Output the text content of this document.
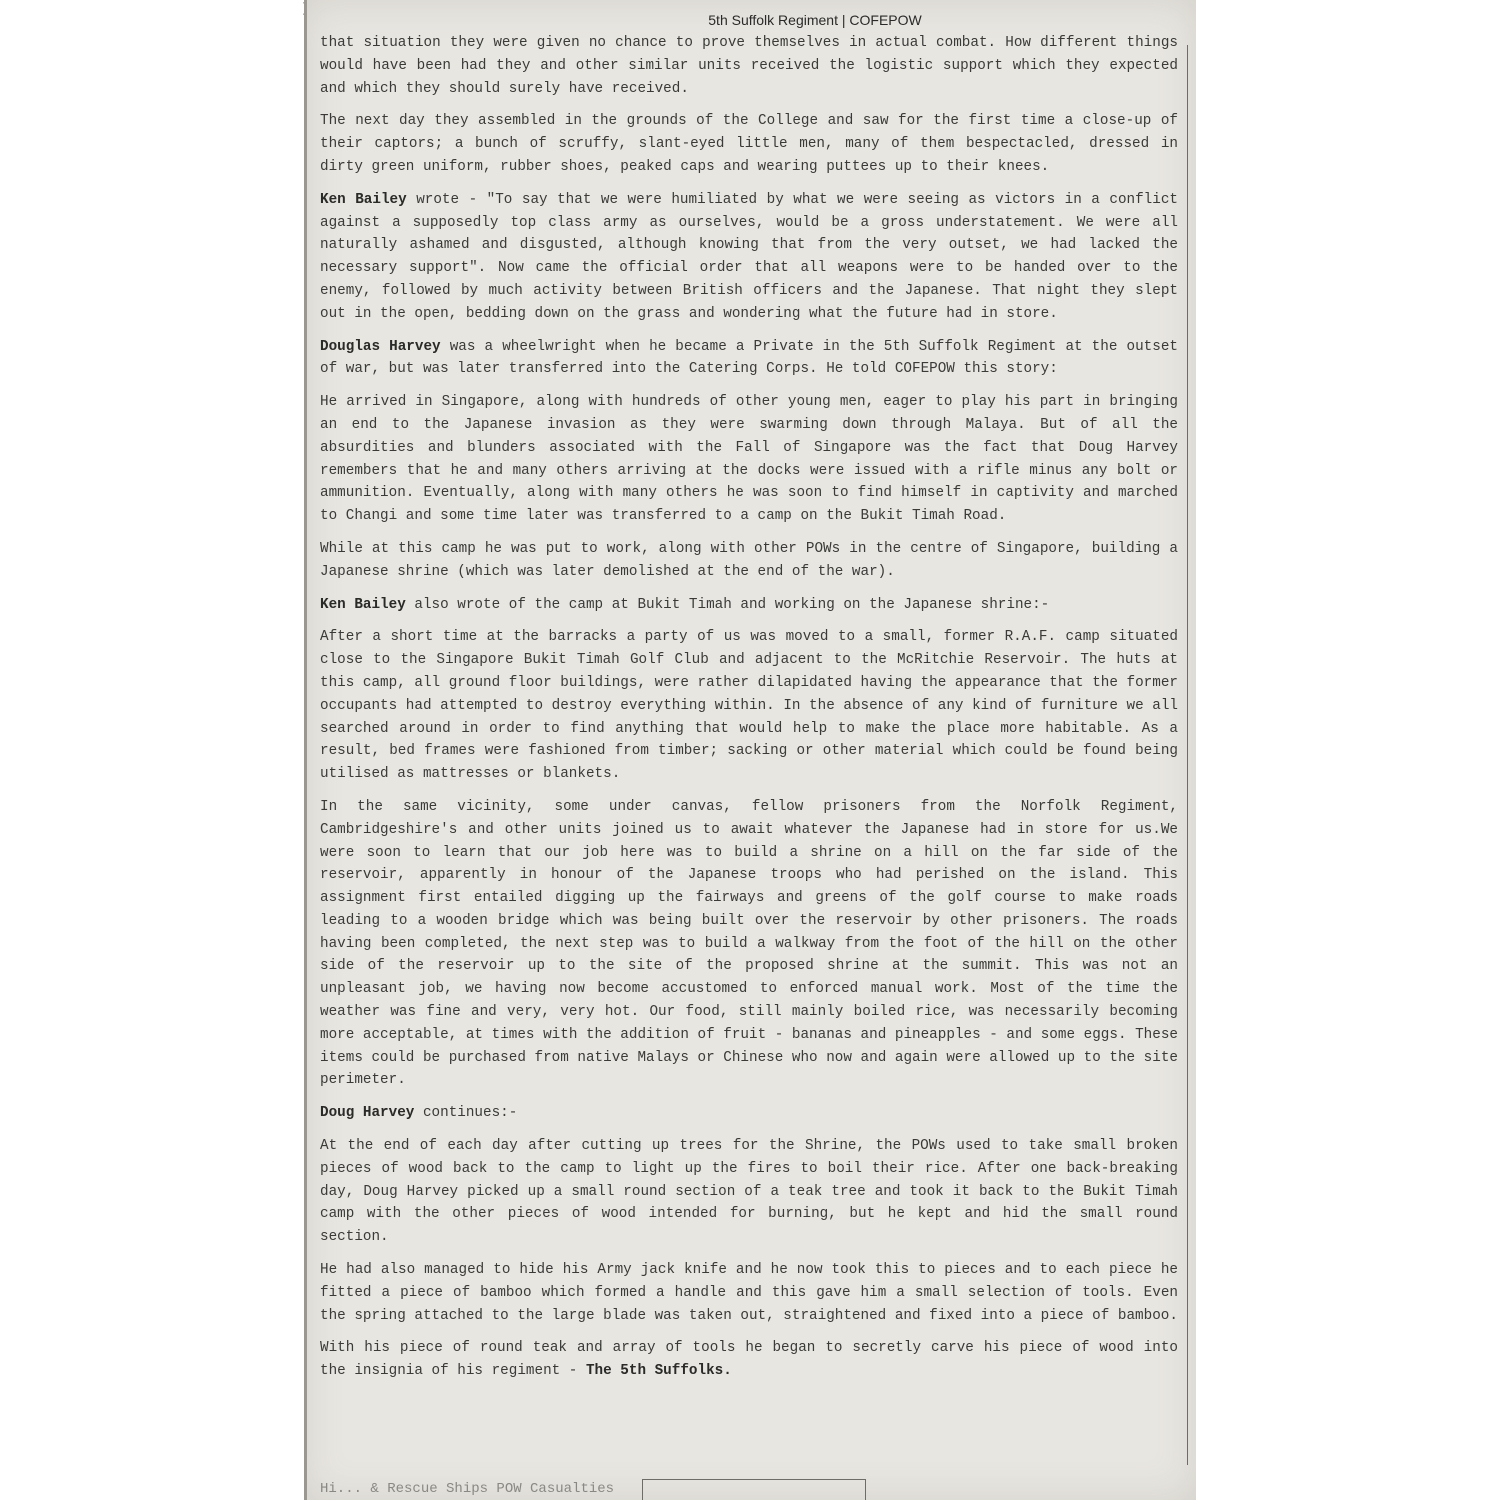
5th Suffolk Regiment | COFEPOW

that situation they were given no chance to prove themselves in actual combat. How different things would have been had they and other similar units received the logistic support which they expected and which they should surely have received.

The next day they assembled in the grounds of the College and saw for the first time a close-up of their captors; a bunch of scruffy, slant-eyed little men, many of them bespectacled, dressed in dirty green uniform, rubber shoes, peaked caps and wearing puttees up to their knees.

Ken Bailey wrote - "To say that we were humiliated by what we were seeing as victors in a conflict against a supposedly top class army as ourselves, would be a gross understatement. We were all naturally ashamed and disgusted, although knowing that from the very outset, we had lacked the necessary support". Now came the official order that all weapons were to be handed over to the enemy, followed by much activity between British officers and the Japanese. That night they slept out in the open, bedding down on the grass and wondering what the future had in store.

Douglas Harvey was a wheelwright when he became a Private in the 5th Suffolk Regiment at the outset of war, but was later transferred into the Catering Corps. He told COFEPOW this story:

He arrived in Singapore, along with hundreds of other young men, eager to play his part in bringing an end to the Japanese invasion as they were swarming down through Malaya. But of all the absurdities and blunders associated with the Fall of Singapore was the fact that Doug Harvey remembers that he and many others arriving at the docks were issued with a rifle minus any bolt or ammunition. Eventually, along with many others he was soon to find himself in captivity and marched to Changi and some time later was transferred to a camp on the Bukit Timah Road.

While at this camp he was put to work, along with other POWs in the centre of Singapore, building a Japanese shrine (which was later demolished at the end of the war).

Ken Bailey also wrote of the camp at Bukit Timah and working on the Japanese shrine:-

After a short time at the barracks a party of us was moved to a small, former R.A.F. camp situated close to the Singapore Bukit Timah Golf Club and adjacent to the McRitchie Reservoir. The huts at this camp, all ground floor buildings, were rather dilapidated having the appearance that the former occupants had attempted to destroy everything within. In the absence of any kind of furniture we all searched around in order to find anything that would help to make the place more habitable. As a result, bed frames were fashioned from timber; sacking or other material which could be found being utilised as mattresses or blankets.

In the same vicinity, some under canvas, fellow prisoners from the Norfolk Regiment, Cambridgeshire's and other units joined us to await whatever the Japanese had in store for us.We were soon to learn that our job here was to build a shrine on a hill on the far side of the reservoir, apparently in honour of the Japanese troops who had perished on the island. This assignment first entailed digging up the fairways and greens of the golf course to make roads leading to a wooden bridge which was being built over the reservoir by other prisoners. The roads having been completed, the next step was to build a walkway from the foot of the hill on the other side of the reservoir up to the site of the proposed shrine at the summit. This was not an unpleasant job, we having now become accustomed to enforced manual work. Most of the time the weather was fine and very, very hot. Our food, still mainly boiled rice, was necessarily becoming more acceptable, at times with the addition of fruit - bananas and pineapples - and some eggs. These items could be purchased from native Malays or Chinese who now and again were allowed up to the site perimeter.

Doug Harvey continues:-

At the end of each day after cutting up trees for the Shrine, the POWs used to take small broken pieces of wood back to the camp to light up the fires to boil their rice. After one back-breaking day, Doug Harvey picked up a small round section of a teak tree and took it back to the Bukit Timah camp with the other pieces of wood intended for burning, but he kept and hid the small round section.

He had also managed to hide his Army jack knife and he now took this to pieces and to each piece he fitted a piece of bamboo which formed a handle and this gave him a small selection of tools. Even the spring attached to the large blade was taken out, straightened and fixed into a piece of bamboo.

With his piece of round teak and array of tools he began to secretly carve his piece of wood into the insignia of his regiment - The 5th Suffolks.

Hi... & Rescue Ships POW Casualties
